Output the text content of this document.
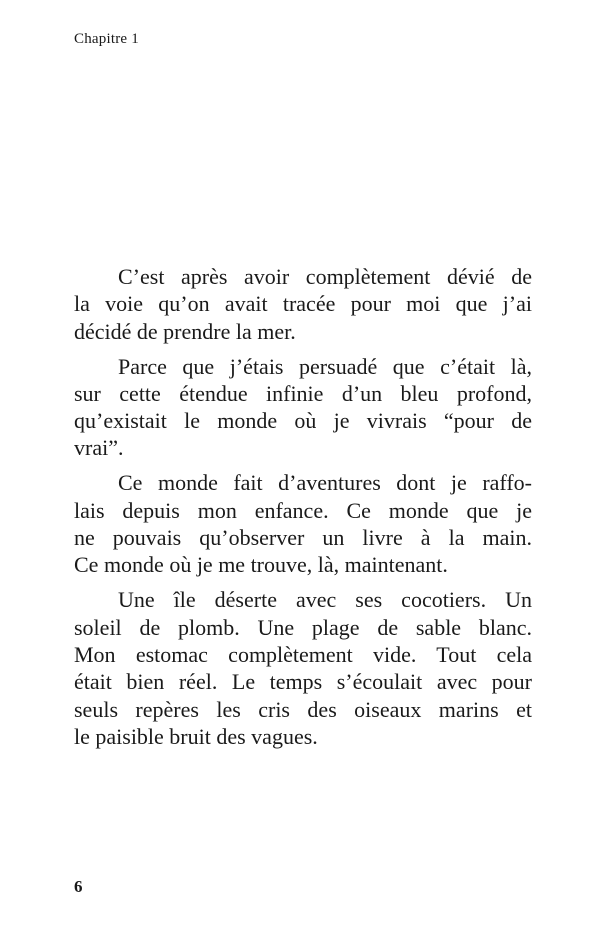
Chapitre 1

C’est après avoir complètement dévié de
la voie qu’on avait tracée pour moi que j’ai
décidé de prendre la mer.

Parce que j’étais persuadé que c’était là,
sur cette étendue infinie d’un bleu profond,
qu’existait le monde où je vivrais “pour de
vrai”.

Ce monde fait d’aventures dont je raffo-
lais depuis mon enfance. Ce monde que je
ne pouvais qu’observer un livre à la main.
Ce monde où je me trouve, là, maintenant.

Une île déserte avec ses cocotiers. Un
soleil de plomb. Une plage de sable blanc.
Mon estomac complètement vide. Tout cela
était bien réel. Le temps s’écoulait avec pour
seuls repères les cris des oiseaux marins et
le paisible bruit des vagues.

6
